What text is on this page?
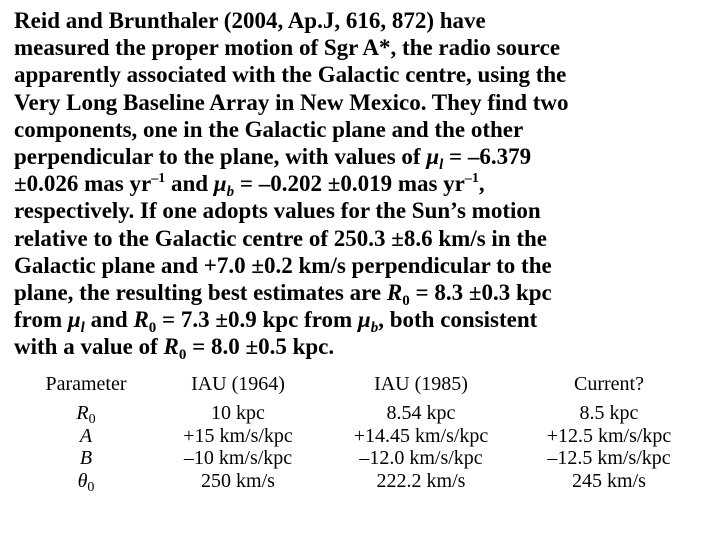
Reid and Brunthaler (2004, Ap.J, 616, 872) have
measured the proper motion of Sgr A*, the radio source
apparently associated with the Galactic centre, using the
Very Long Baseline Array in New Mexico. They find two
components, one in the Galactic plane and the other
perpendicular to the plane, with values of $\mu_l = -6.379$
±0.026 mas $yr^{-1}$ and $\mu_b = -0.202 \pm 0.019$ mas $yr^{-1}$,
respectively. If one adopts values for the Sun’s motion
relative to the Galactic centre of 250.3 ±8.6 km/s in the
Galactic plane and +7.0 ±0.2 km/s perpendicular to the
plane, the resulting best estimates are $R_0 = 8.3 \pm 0.3$ kpc
from $\mu_l$ and $R_0 = 7.3 \pm 0.9$ kpc from $\mu_b$, both consistent
with a value of $R_0 = 8.0 \pm 0.5$ kpc.
Parameter	IAU (1964)	IAU (1985)	Current?
$R_0$	10 kpc	8.54 kpc	8.5 kpc
A	+15 km/s/kpc	+14.45 km/s/kpc	+12.5 km/s/kpc
B	–10 km/s/kpc	–12.0 km/s/kpc	–12.5 km/s/kpc
$\theta_0$	250 km/s	222.2 km/s	245 km/s
